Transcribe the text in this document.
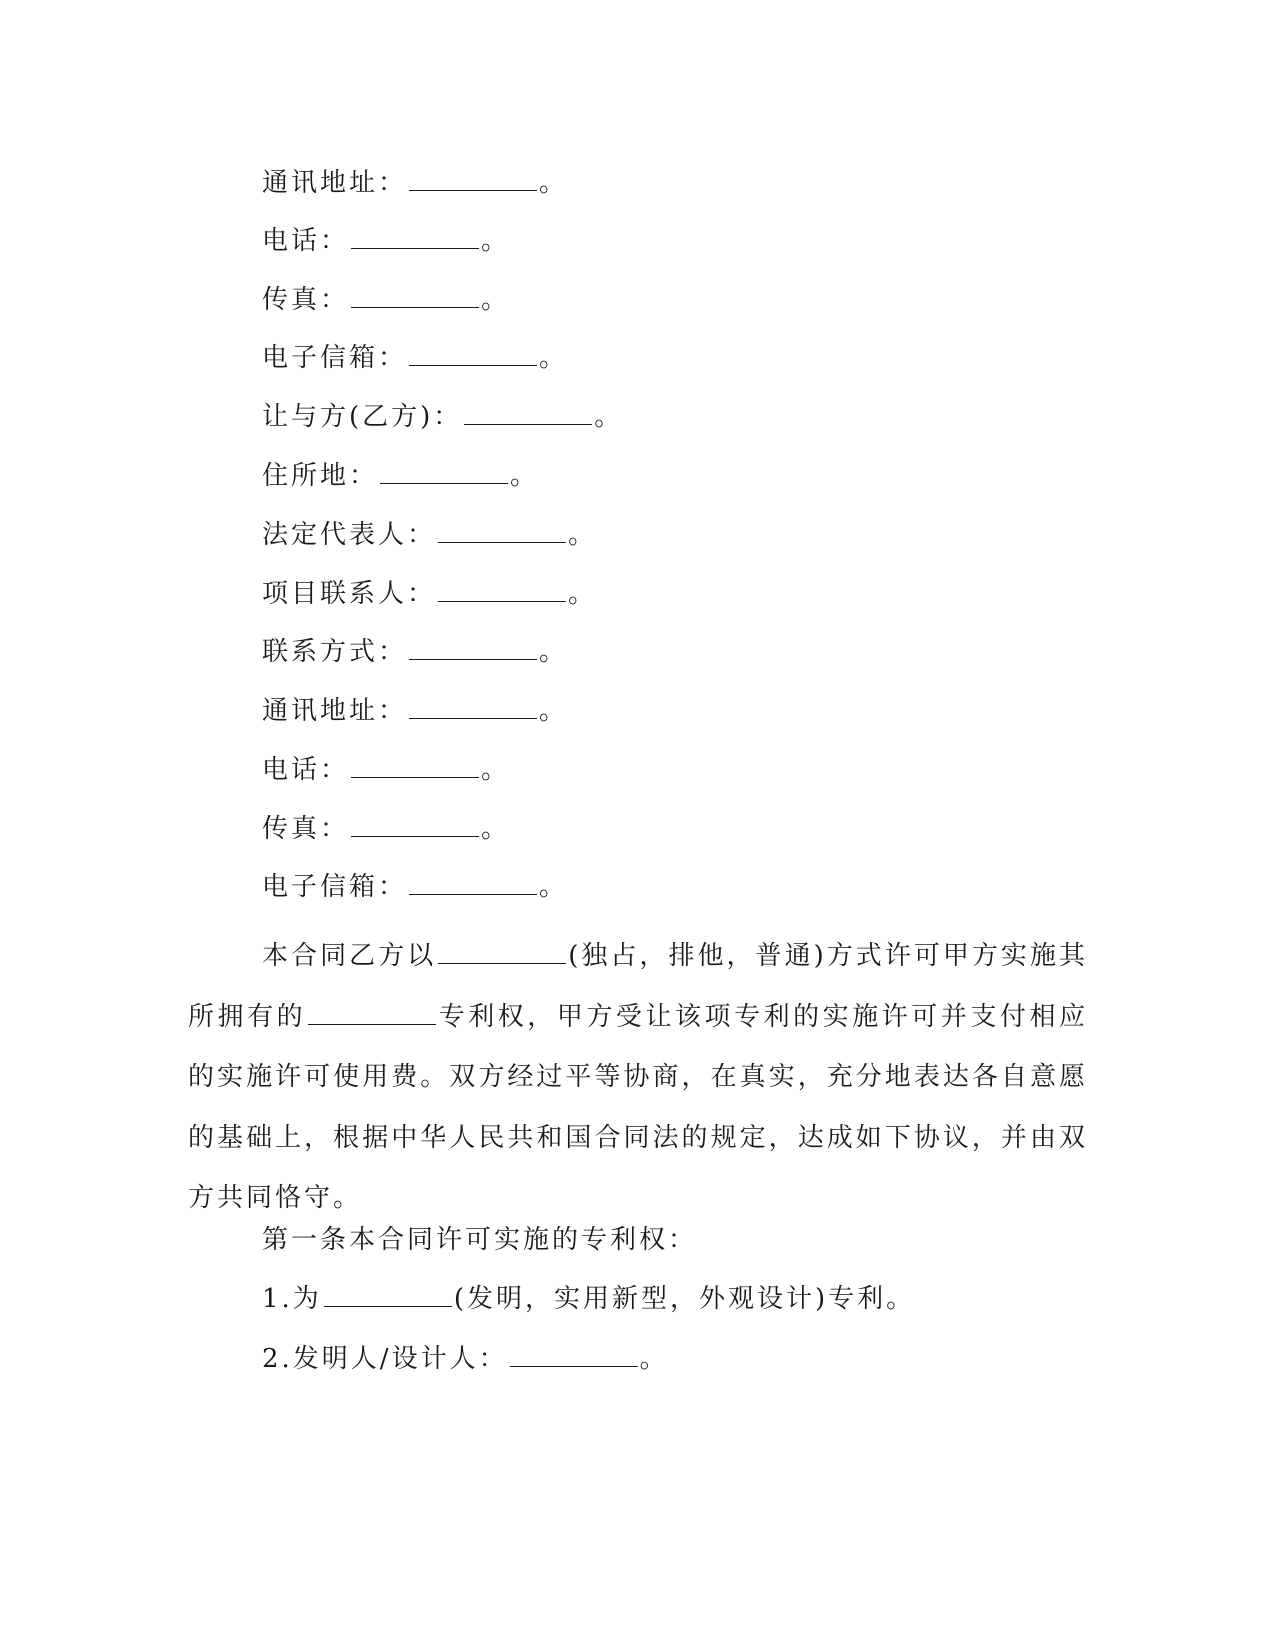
通讯地址：	。
电话：	。
传真：	。
电子信箱：	。
让与方(乙方)：	。
住所地：	。
法定代表人：	。
项目联系人：	。
联系方式：	。
通讯地址：	。
电话：	。
传真：	。
电子信箱：	。
本合同乙方以	(独占，排他，普通)方式许可甲方实施其所拥有的	专利权，甲方受让该项专利的实施许可并支付相应的实施许可使用费。双方经过平等协商，在真实，充分地表达各自意愿的基础上，根据中华人民共和国合同法的规定，达成如下协议，并由双方共同恪守。
第一条本合同许可实施的专利权：
1.为	(发明，实用新型，外观设计)专利。
2.发明人/设计人：	。
